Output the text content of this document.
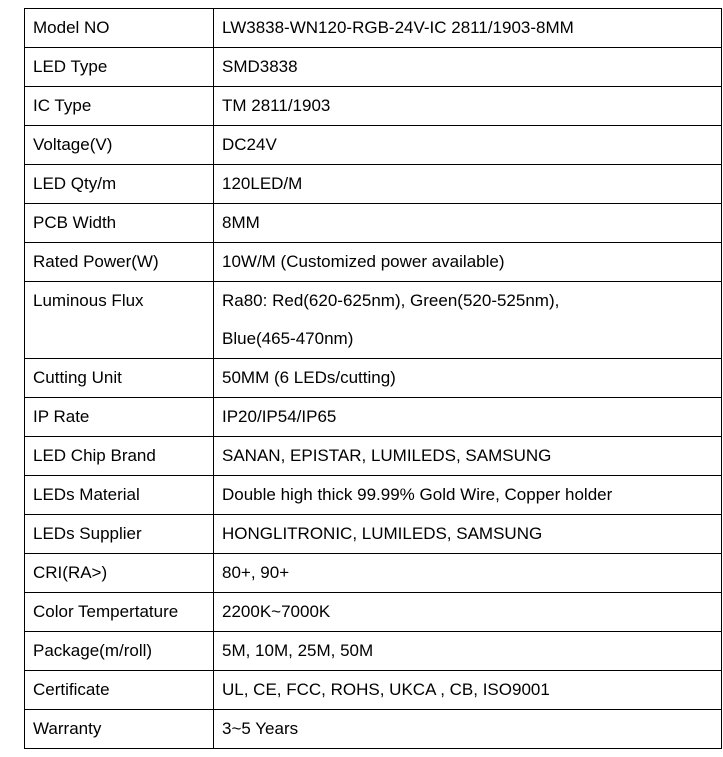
Model NO	LW3838-WN120-RGB-24V-IC 2811/1903-8MM
LED Type	SMD3838
IC Type	TM 2811/1903
Voltage(V)	DC24V
LED Qty/m	120LED/M
PCB Width	8MM
Rated Power(W)	10W/M (Customized power available)
Luminous Flux	Ra80: Red(620-625nm), Green(520-525nm),
Blue(465-470nm)

Cutting Unit	50MM (6 LEDs/cutting)
IP Rate	IP20/IP54/IP65
LED Chip Brand	SANAN, EPISTAR, LUMILEDS, SAMSUNG
LEDs Material	Double high thick 99.99% Gold Wire, Copper holder
LEDs Supplier	HONGLITRONIC, LUMILEDS, SAMSUNG
CRI(RA>)	80+, 90+
Color Tempertature	2200K~7000K
Package(m/roll)	5M, 10M, 25M, 50M
Certificate	UL, CE, FCC, ROHS, UKCA , CB, ISO9001
Warranty	3~5 Years
